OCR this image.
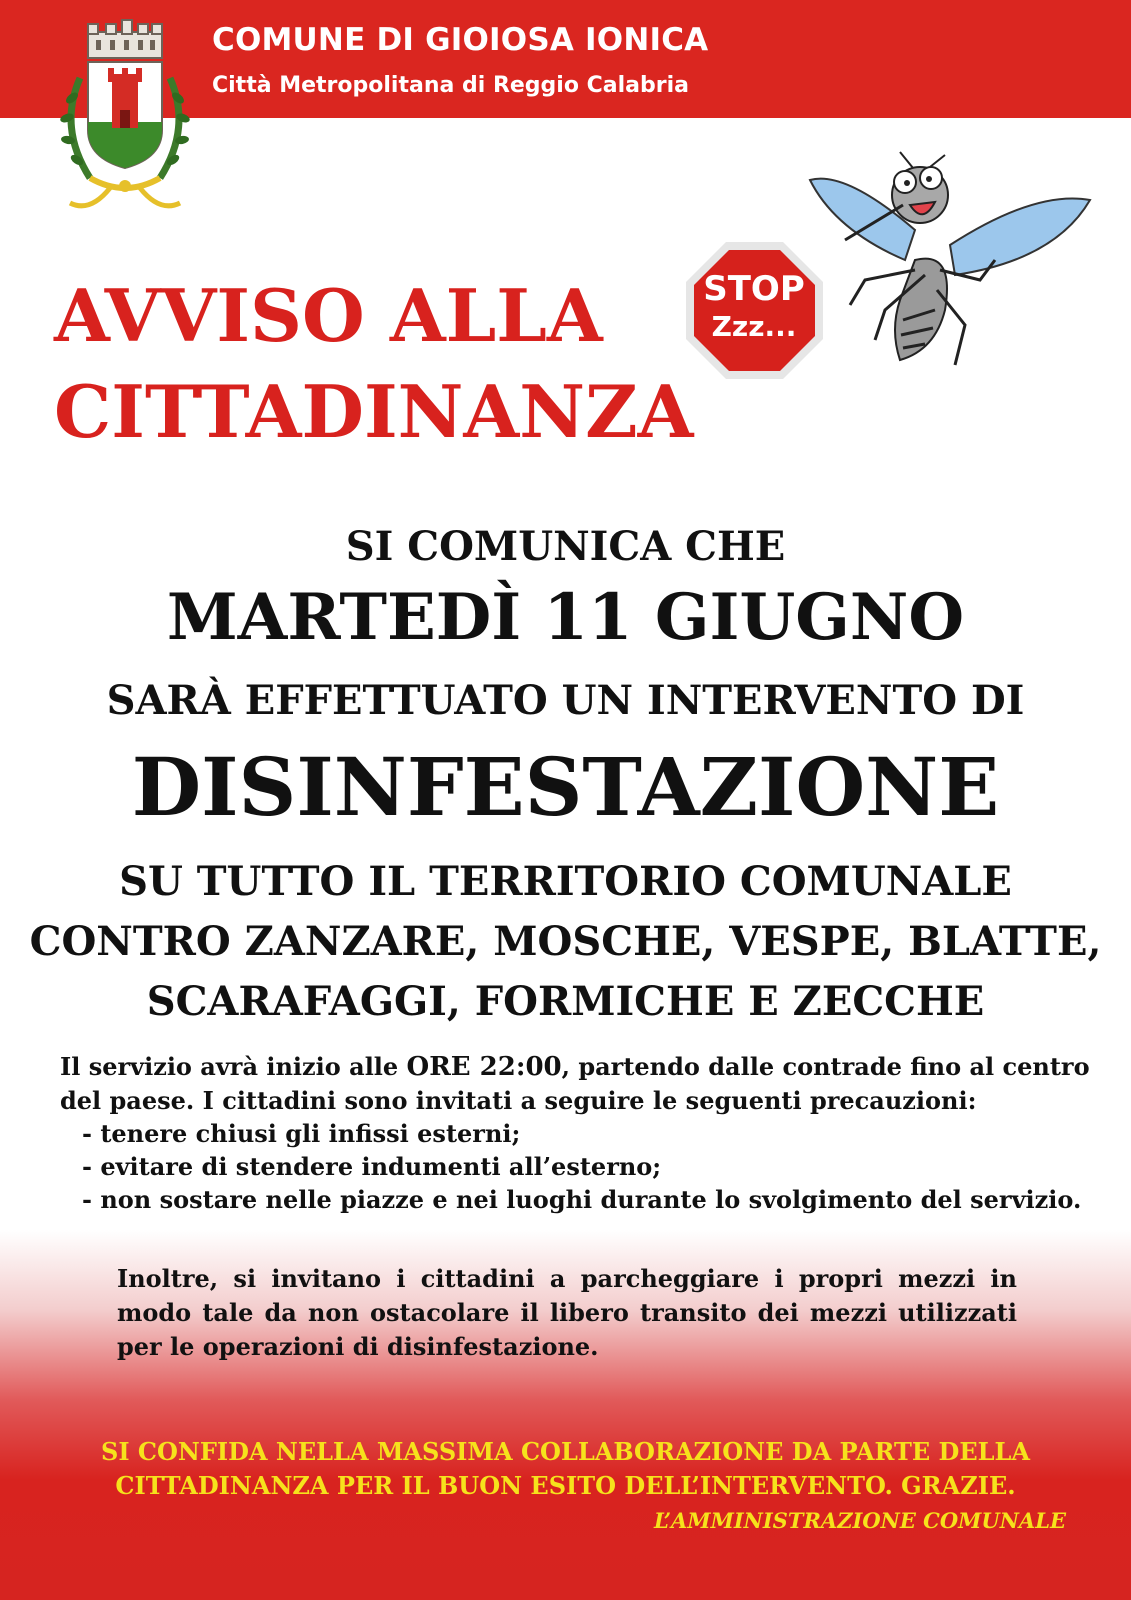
COMUNE DI GIOIOSA IONICA
Città Metropolitana di Reggio Calabria
AVVISO ALLA
CITTADINANZA
STOP
Zzz...
SI COMUNICA CHE
MARTEDÌ 11 GIUGNO
SARÀ EFFETTUATO UN INTERVENTO DI
DISINFESTAZIONE
SU TUTTO IL TERRITORIO COMUNALE
CONTRO ZANZARE, MOSCHE, VESPE, BLATTE,
SCARAFAGGI, FORMICHE E ZECCHE
Il servizio avrà inizio alle ORE 22:00, partendo dalle contrade fino al centro del paese. I cittadini sono invitati a seguire le seguenti precauzioni:
- tenere chiusi gli infissi esterni;
- evitare di stendere indumenti all’esterno;
- non sostare nelle piazze e nei luoghi durante lo svolgimento del servizio.
Inoltre, si invitano i cittadini a parcheggiare i propri mezzi in modo tale da non ostacolare il libero transito dei mezzi utilizzati per le operazioni di disinfestazione.
SI CONFIDA NELLA MASSIMA COLLABORAZIONE DA PARTE DELLA
CITTADINANZA PER IL BUON ESITO DELL’INTERVENTO. GRAZIE.
L’AMMINISTRAZIONE COMUNALE
